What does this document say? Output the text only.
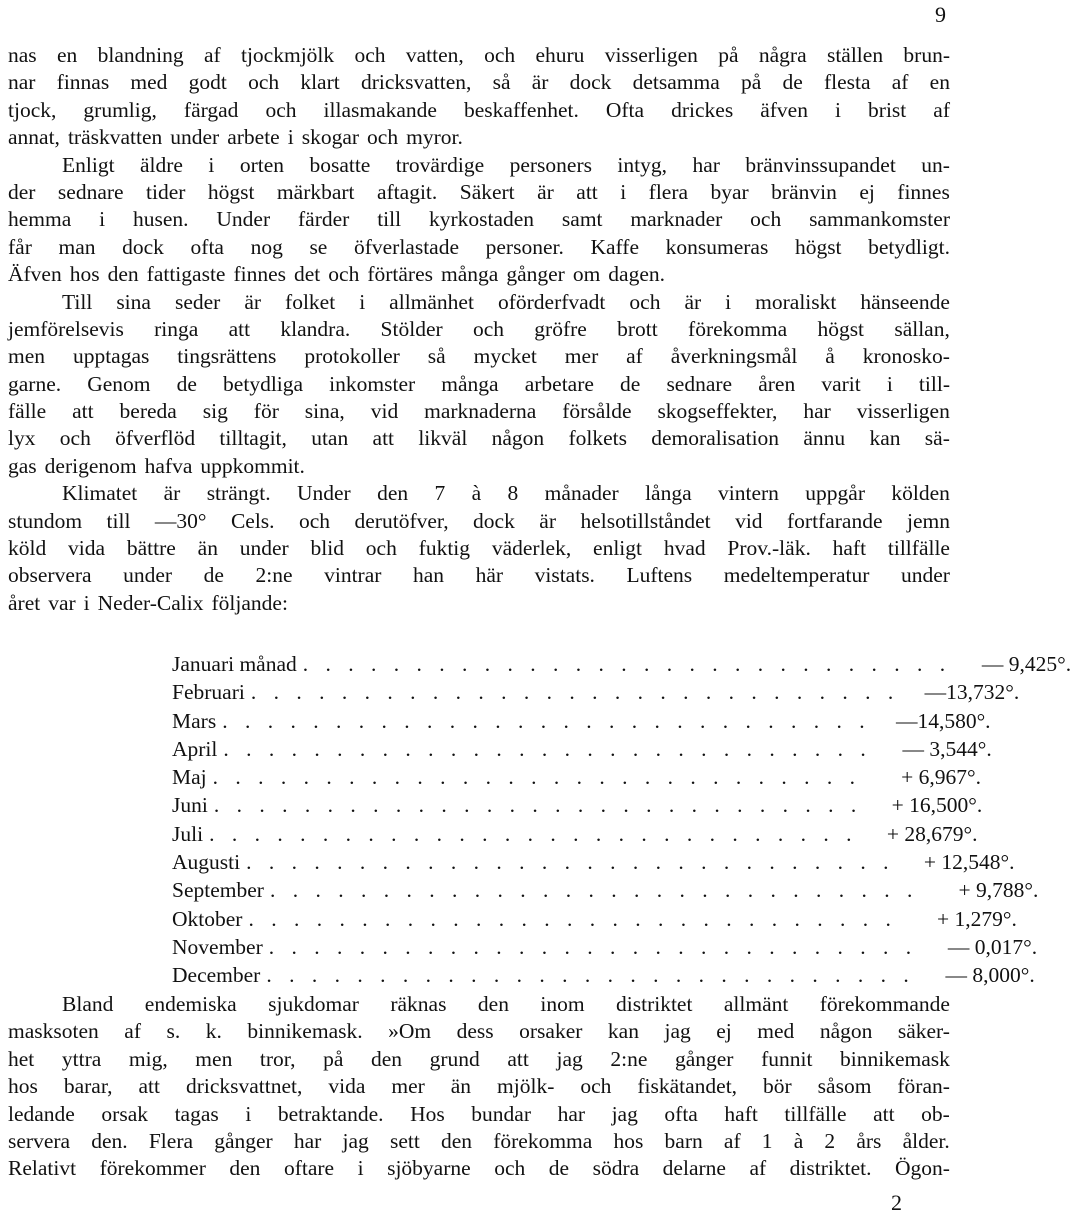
9
nas en blandning af tjockmjölk och vatten, och ehuru visserligen på några ställen brun-
nar finnas med godt och klart dricksvatten, så är dock detsamma på de flesta af en
tjock, grumlig, färgad och illasmakande beskaffenhet. Ofta drickes äfven i brist af
annat, träskvatten under arbete i skogar och myror.
Enligt äldre i orten bosatte trovärdige personers intyg, har bränvinssupandet un-
der sednare tider högst märkbart aftagit. Säkert är att i flera byar bränvin ej finnes
hemma i husen. Under färder till kyrkostaden samt marknader och sammankomster
får man dock ofta nog se öfverlastade personer. Kaffe konsumeras högst betydligt.
Äfven hos den fattigaste finnes det och förtäres många gånger om dagen.
Till sina seder är folket i allmänhet oförderfvadt och är i moraliskt hänseende
jemförelsevis ringa att klandra. Stölder och gröfre brott förekomma högst sällan,
men upptagas tingsrättens protokoller så mycket mer af åverkningsmål å kronosko-
garne. Genom de betydliga inkomster många arbetare de sednare åren varit i till-
fälle att bereda sig för sina, vid marknaderna försålde skogseffekter, har visserligen
lyx och öfverflöd tilltagit, utan att likväl någon folkets demoralisation ännu kan sä-
gas derigenom hafva uppkommit.
Klimatet är strängt. Under den 7 à 8 månader långa vintern uppgår kölden
stundom till —30° Cels. och derutöfver, dock är helsotillståndet vid fortfarande jemn
köld vida bättre än under blid och fuktig väderlek, enligt hvad Prov.-läk. haft tillfälle
observera under de 2:ne vintrar han här vistats. Luftens medeltemperatur under
året var i Neder-Calix följande:
Januari månad . . . . . . . . . . . . . . . . . . . . . . . . . . . . .	— 9,425°.
Februari . . . . . . . . . . . . . . . . . . . . . . . . . . . . .	—13,732°.
Mars . . . . . . . . . . . . . . . . . . . . . . . . . . . . .	—14,580°.
April . . . . . . . . . . . . . . . . . . . . . . . . . . . . .	— 3,544°.
Maj . . . . . . . . . . . . . . . . . . . . . . . . . . . . .	+ 6,967°.
Juni . . . . . . . . . . . . . . . . . . . . . . . . . . . . .	+ 16,500°.
Juli . . . . . . . . . . . . . . . . . . . . . . . . . . . . .	+ 28,679°.
Augusti . . . . . . . . . . . . . . . . . . . . . . . . . . . . .	+ 12,548°.
September . . . . . . . . . . . . . . . . . . . . . . . . . . . . .	+ 9,788°.
Oktober . . . . . . . . . . . . . . . . . . . . . . . . . . . . .	+ 1,279°.
November . . . . . . . . . . . . . . . . . . . . . . . . . . . . .	— 0,017°.
December . . . . . . . . . . . . . . . . . . . . . . . . . . . . .	— 8,000°.
Bland endemiska sjukdomar räknas den inom distriktet allmänt förekommande
masksoten af s. k. binnikemask. »Om dess orsaker kan jag ej med någon säker-
het yttra mig, men tror, på den grund att jag 2:ne gånger funnit binnikemask
hos barar, att dricksvattnet, vida mer än mjölk- och fiskätandet, bör såsom föran-
ledande orsak tagas i betraktande. Hos bundar har jag ofta haft tillfälle att ob-
servera den. Flera gånger har jag sett den förekomma hos barn af 1 à 2 års ålder.
Relativt förekommer den oftare i sjöbyarne och de södra delarne af distriktet. Ögon-
2
